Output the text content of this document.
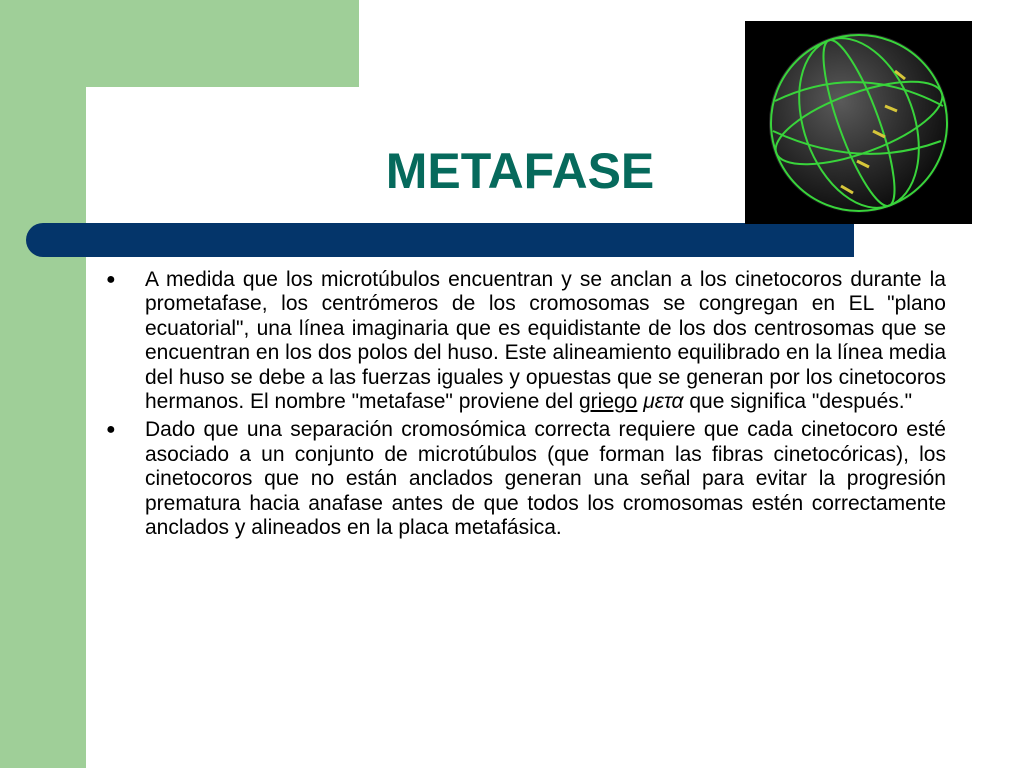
METAFASE

● A medida que los microtúbulos encuentran y se anclan a los cinetocoros durante la prometafase, los centrómeros de los cromosomas se congregan en EL "plano ecuatorial", una línea imaginaria que es equidistante de los dos centrosomas que se encuentran en los dos polos del huso. Este alineamiento equilibrado en la línea media del huso se debe a las fuerzas iguales y opuestas que se generan por los cinetocoros hermanos. El nombre "metafase" proviene del griego μετα que significa "después."

● Dado que una separación cromosómica correcta requiere que cada cinetocoro esté asociado a un conjunto de microtúbulos (que forman las fibras cinetocóricas), los cinetocoros que no están anclados generan una señal para evitar la progresión prematura hacia anafase antes de que todos los cromosomas estén correctamente anclados y alineados en la placa metafásica.
